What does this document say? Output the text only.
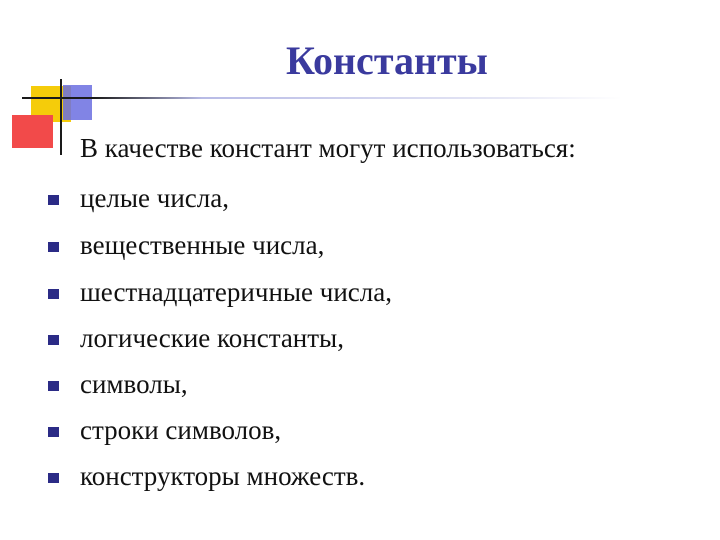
Константы
В качестве констант могут использоваться:
целые числа,
вещественные числа,
шестнадцатеричные числа,
логические константы,
символы,
строки символов,
конструкторы множеств.
